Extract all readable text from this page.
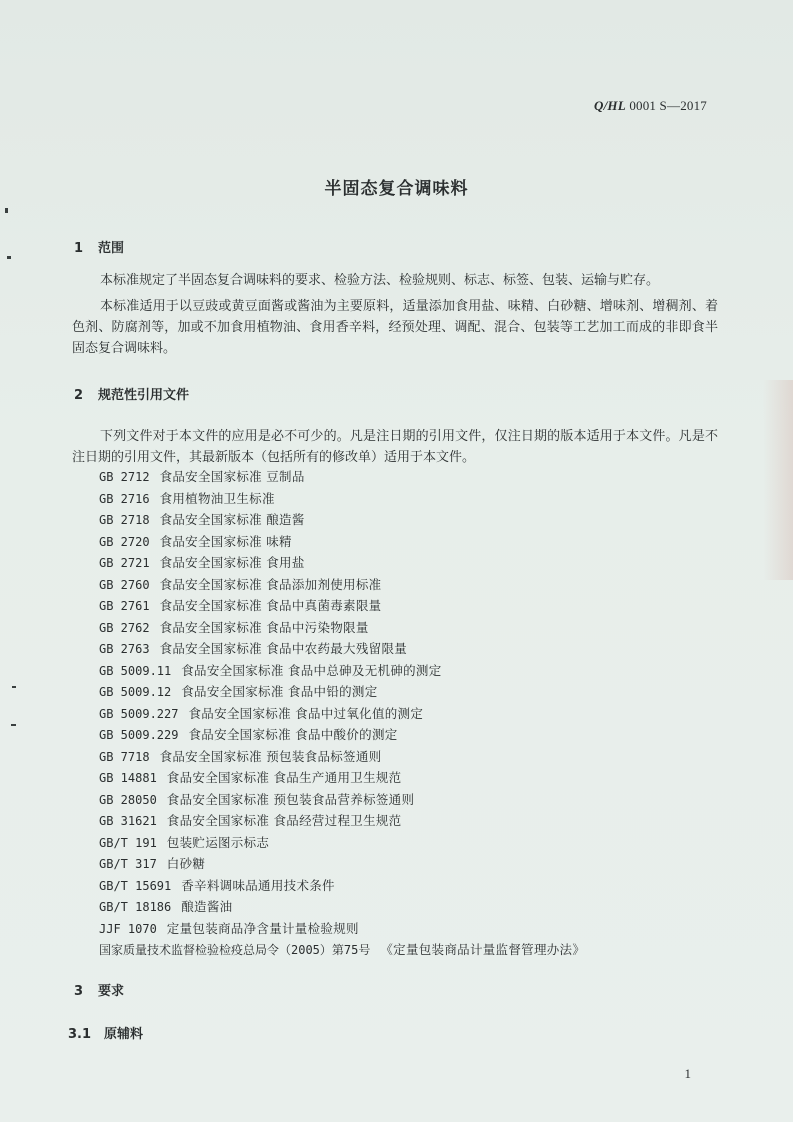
Q/HL 0001 S—2017
半固态复合调味料
1 范围
本标准规定了半固态复合调味料的要求、检验方法、检验规则、标志、标签、包装、运输与贮存。
本标准适用于以豆豉或黄豆面酱或酱油为主要原料，适量添加食用盐、味精、白砂糖、增味剂、增稠剂、着色剂、防腐剂等，加或不加食用植物油、食用香辛料，经预处理、调配、混合、包装等工艺加工而成的非即食半固态复合调味料。
2 规范性引用文件
下列文件对于本文件的应用是必不可少的。凡是注日期的引用文件，仅注日期的版本适用于本文件。凡是不注日期的引用文件，其最新版本（包括所有的修改单）适用于本文件。
GB 2712 食品安全国家标准 豆制品
GB 2716 食用植物油卫生标准
GB 2718 食品安全国家标准 酿造酱
GB 2720 食品安全国家标准 味精
GB 2721 食品安全国家标准 食用盐
GB 2760 食品安全国家标准 食品添加剂使用标准
GB 2761 食品安全国家标准 食品中真菌毒素限量
GB 2762 食品安全国家标准 食品中污染物限量
GB 2763 食品安全国家标准 食品中农药最大残留限量
GB 5009.11 食品安全国家标准 食品中总砷及无机砷的测定
GB 5009.12 食品安全国家标准 食品中铅的测定
GB 5009.227 食品安全国家标准 食品中过氧化值的测定
GB 5009.229 食品安全国家标准 食品中酸价的测定
GB 7718 食品安全国家标准 预包装食品标签通则
GB 14881 食品安全国家标准 食品生产通用卫生规范
GB 28050 食品安全国家标准 预包装食品营养标签通则
GB 31621 食品安全国家标准 食品经营过程卫生规范
GB/T 191 包装贮运图示标志
GB/T 317 白砂糖
GB/T 15691 香辛料调味品通用技术条件
GB/T 18186 酿造酱油
JJF 1070 定量包装商品净含量计量检验规则
国家质量技术监督检验检疫总局令（2005）第75号 《定量包装商品计量监督管理办法》
3 要求
3.1 原辅料
1
